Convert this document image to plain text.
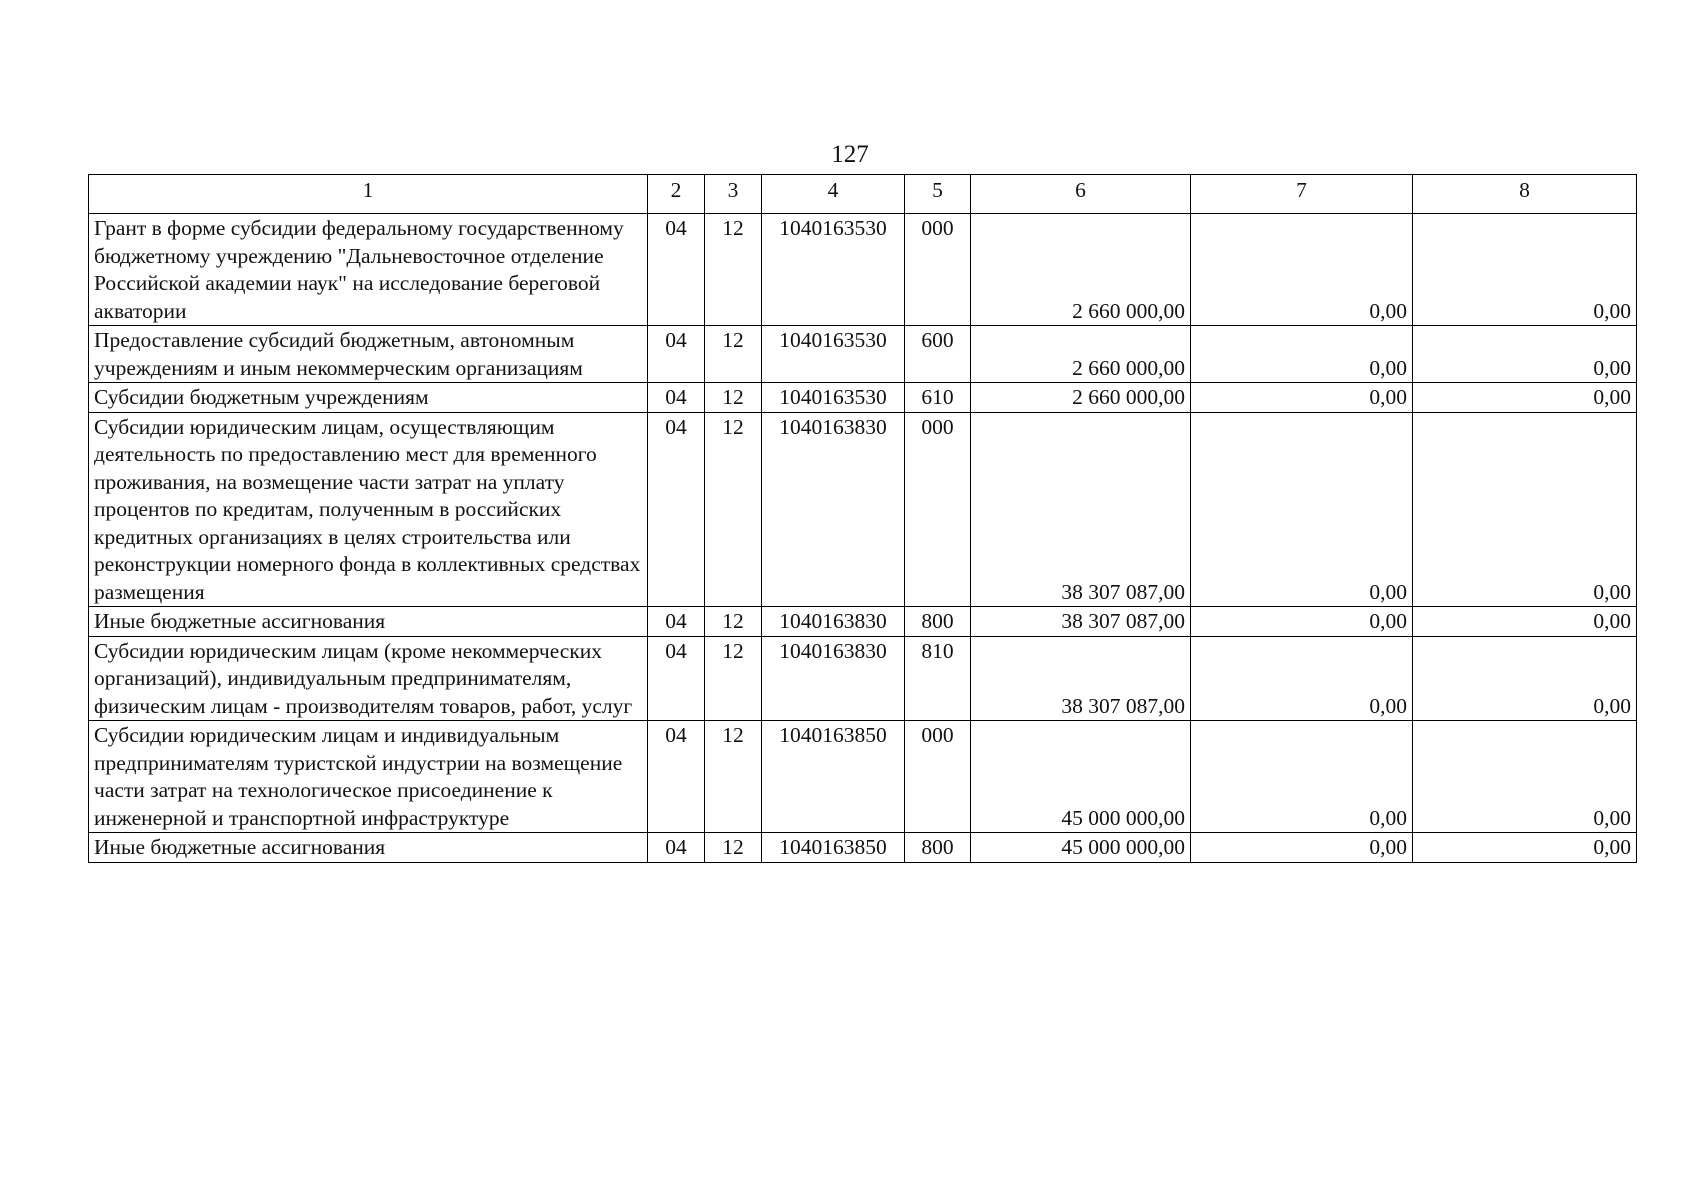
127
1	2	3	4	5	6	7	8
Грант в форме субсидии федеральному государственному бюджетному учреждению "Дальневосточное отделение Российской академии наук" на исследование береговой акватории	04	12	1040163530	000	2 660 000,00	0,00	0,00
Предоставление субсидий бюджетным, автономным учреждениям и иным некоммерческим организациям	04	12	1040163530	600	2 660 000,00	0,00	0,00
Субсидии бюджетным учреждениям	04	12	1040163530	610	2 660 000,00	0,00	0,00
Субсидии юридическим лицам, осуществляющим деятельность по предоставлению мест для временного проживания, на возмещение части затрат на уплату процентов по кредитам, полученным в российских кредитных организациях в целях строительства или реконструкции номерного фонда в коллективных средствах размещения	04	12	1040163830	000	38 307 087,00	0,00	0,00
Иные бюджетные ассигнования	04	12	1040163830	800	38 307 087,00	0,00	0,00
Субсидии юридическим лицам (кроме некоммерческих организаций), индивидуальным предпринимателям, физическим лицам - производителям товаров, работ, услуг	04	12	1040163830	810	38 307 087,00	0,00	0,00
Субсидии юридическим лицам и индивидуальным предпринимателям туристской индустрии на возмещение части затрат на технологическое присоединение к инженерной и транспортной инфраструктуре	04	12	1040163850	000	45 000 000,00	0,00	0,00
Иные бюджетные ассигнования	04	12	1040163850	800	45 000 000,00	0,00	0,00
